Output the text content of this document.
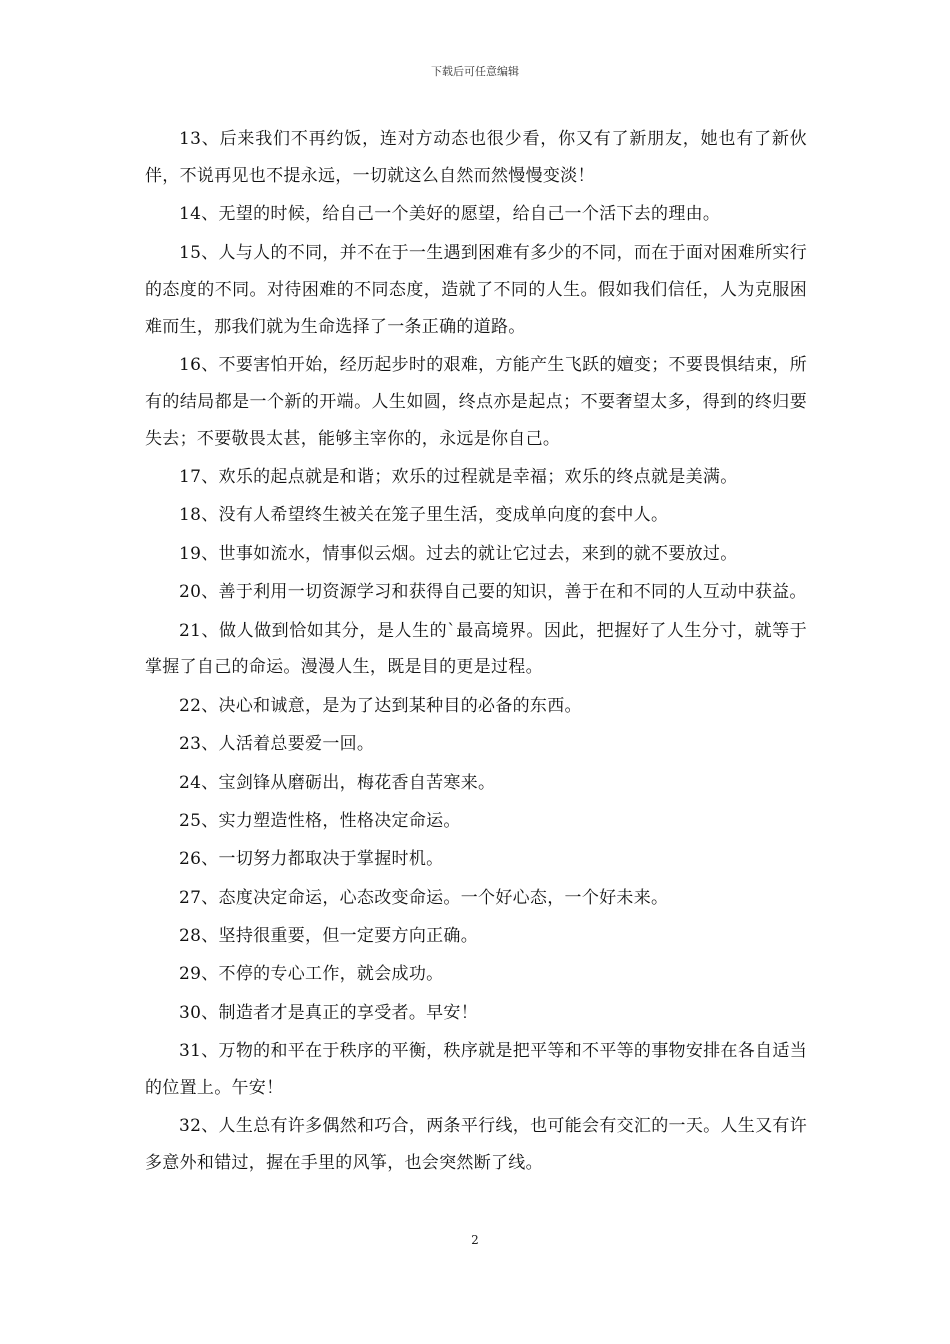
下载后可任意编辑

13、后来我们不再约饭，连对方动态也很少看，你又有了新朋友，她也有了新伙伴，不说再见也不提永远，一切就这么自然而然慢慢变淡！

14、无望的时候，给自己一个美好的愿望，给自己一个活下去的理由。

15、人与人的不同，并不在于一生遇到困难有多少的不同，而在于面对困难所实行的态度的不同。对待困难的不同态度，造就了不同的人生。假如我们信任，人为克服困难而生，那我们就为生命选择了一条正确的道路。

16、不要害怕开始，经历起步时的艰难，方能产生飞跃的嬗变；不要畏惧结束，所有的结局都是一个新的开端。人生如圆，终点亦是起点；不要奢望太多，得到的终归要失去；不要敬畏太甚，能够主宰你的，永远是你自己。

17、欢乐的起点就是和谐；欢乐的过程就是幸福；欢乐的终点就是美满。

18、没有人希望终生被关在笼子里生活，变成单向度的套中人。

19、世事如流水，情事似云烟。过去的就让它过去，来到的就不要放过。

20、善于利用一切资源学习和获得自己要的知识，善于在和不同的人互动中获益。

21、做人做到恰如其分，是人生的`最高境界。因此，把握好了人生分寸，就等于掌握了自己的命运。漫漫人生，既是目的更是过程。

22、决心和诚意，是为了达到某种目的必备的东西。

23、人活着总要爱一回。

24、宝剑锋从磨砺出，梅花香自苦寒来。

25、实力塑造性格，性格决定命运。

26、一切努力都取决于掌握时机。

27、态度决定命运，心态改变命运。一个好心态，一个好未来。

28、坚持很重要，但一定要方向正确。

29、不停的专心工作，就会成功。

30、制造者才是真正的享受者。早安！

31、万物的和平在于秩序的平衡，秩序就是把平等和不平等的事物安排在各自适当的位置上。午安！

32、人生总有许多偶然和巧合，两条平行线，也可能会有交汇的一天。人生又有许多意外和错过，握在手里的风筝，也会突然断了线。

2
